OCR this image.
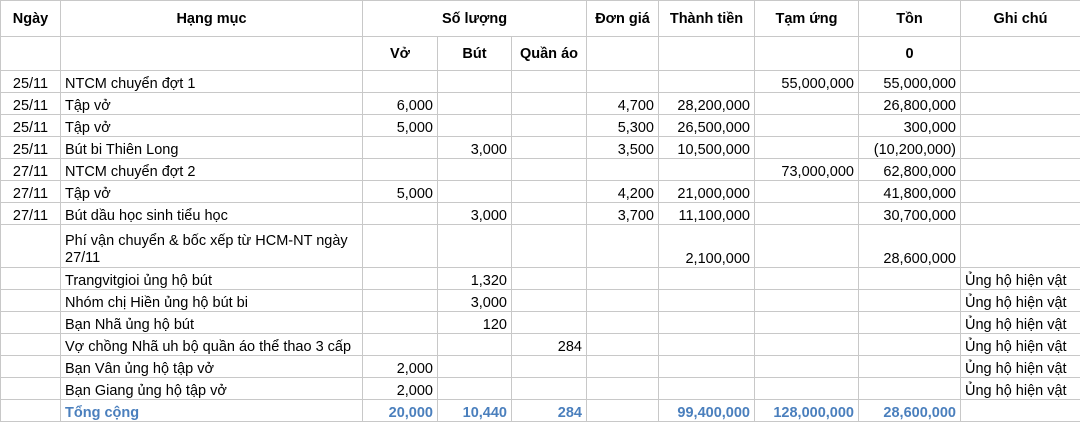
Ngày	Hạng mục	Số lượng			Đơn giá	Thành tiền	Tạm ứng	Tồn	Ghi chú
		Vở	Bút	Quần áo				0	
25/11	NTCM chuyển đợt 1						55,000,000	55,000,000	
25/11	Tập vở	6,000			4,700	28,200,000		26,800,000	
25/11	Tập vở	5,000			5,300	26,500,000		300,000	
25/11	Bút bi Thiên Long		3,000		3,500	10,500,000		(10,200,000)	
27/11	NTCM chuyển đợt 2						73,000,000	62,800,000	
27/11	Tập vở	5,000			4,200	21,000,000		41,800,000	
27/11	Bút dầu học sinh tiểu học		3,000		3,700	11,100,000		30,700,000	
	Phí vận chuyển & bốc xếp từ HCM-NT ngày 27/11					2,100,000		28,600,000	
	Trangvitgioi ủng hộ bút		1,320						Ủng hộ hiện vật
	Nhóm chị Hiền ủng hộ bút bi		3,000						Ủng hộ hiện vật
	Bạn Nhã ủng hộ bút		120						Ủng hộ hiện vật
	Vợ chồng Nhã uh bộ quần áo thể thao 3 cấp			284					Ủng hộ hiện vật
	Bạn Vân ủng hộ tập vở	2,000							Ủng hộ hiện vật
	Bạn Giang ủng hộ tập vở	2,000							Ủng hộ hiện vật
	Tổng cộng	20,000	10,440	284		99,400,000	128,000,000	28,600,000	
